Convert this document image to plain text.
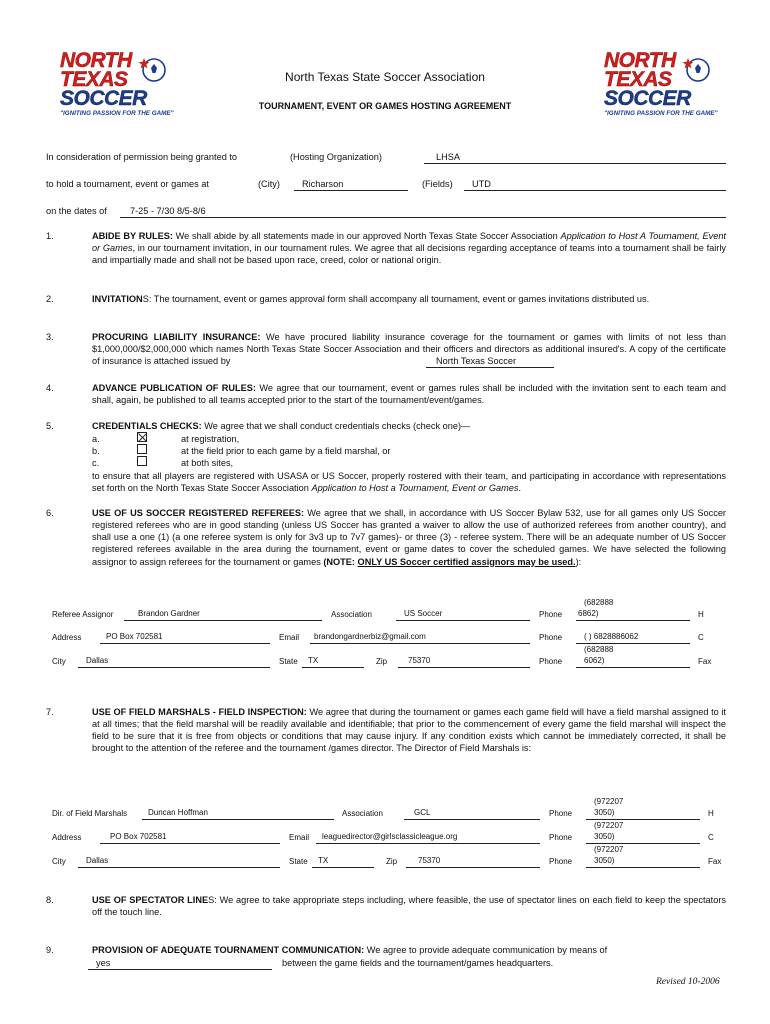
NORTH
TEXAS
SOCCER
"IGNITING PASSION FOR THE GAME"
NORTH
TEXAS
SOCCER
"IGNITING PASSION FOR THE GAME"
North Texas State Soccer Association
TOURNAMENT, EVENT OR GAMES HOSTING AGREEMENT
In consideration of permission being granted to	(Hosting Organization)	LHSA
to hold a tournament, event or games at	(City) Richarson	(Fields) UTD
on the dates of	7-25 - 7/30 8/5-8/6
1.	ABIDE BY RULES: We shall abide by all statements made in our approved North Texas State Soccer Association Application to Host A Tournament, Event or Games, in our tournament invitation, in our tournament rules. We agree that all decisions regarding acceptance of teams into a tournament shall be fairly and impartially made and shall not be based upon race, creed, color or national origin.
2.	INVITATIONS: The tournament, event or games approval form shall accompany all tournament, event or games invitations distributed us.
3.	PROCURING LIABILITY INSURANCE: We have procured liability insurance coverage for the tournament or games with limits of not less than $1,000,000/$2,000,000 which names North Texas State Soccer Association and their officers and directors as additional insured's. A copy of the certificate of insurance is attached issued by	North Texas Soccer
4.	ADVANCE PUBLICATION OF RULES: We agree that our tournament, event or games rules shall be included with the invitation sent to each team and shall, again, be published to all teams accepted prior to the start of the tournament/event/games.
5.	CREDENTIALS CHECKS: We agree that we shall conduct credentials checks (check one)—
a.	at registration,
b.	at the field prior to each game by a field marshal, or
c.	at both sites,
to ensure that all players are registered with USASA or US Soccer, properly rostered with their team, and participating in accordance with representations set forth on the North Texas State Soccer Association Application to Host a Tournament, Event or Games.
6.	USE OF US SOCCER REGISTERED REFEREES: We agree that we shall, in accordance with US Soccer Bylaw 532, use for all games only US Soccer registered referees who are in good standing (unless US Soccer has granted a waiver to allow the use of authorized referees from another country), and shall use a one (1) (a one referee system is only for 3v3 up to 7v7 games)- or three (3) - referee system. There will be an adequate number of US Soccer registered referees available in the area during the tournament, event or game dates to cover the scheduled games. We have selected the following assignor to assign referees for the tournament or games (NOTE: ONLY US Soccer certified assignors may be used.):
Referee Assignor	Brandon Gardner	Association	US Soccer	Phone
(682888
6862)	H
Address	PO Box 702581	Email brandongardnerbiz@gmail.com	Phone	( ) 6828886062	C
City	Dallas	State TX	Zip	75370	Phone
(682888
6062)	Fax
7.	USE OF FIELD MARSHALS - FIELD INSPECTION: We agree that during the tournament or games each game field will have a field marshal assigned to it at all times; that the field marshal will be readily available and identifiable; that prior to the commencement of every game the field marshal will inspect the field to be sure that it is free from objects or conditions that may cause injury. If any condition exists which cannot be immediately corrected, it shall be brought to the attention of the referee and the tournament /games director. The Director of Field Marshals is:
Dir. of Field Marshals	Duncan Hoffman	Association	GCL	Phone
(972207
3050)	H
Address	PO Box 702581	Email leaguedirector@girlsclassicleague.org	Phone
(972207
3050)	C
City	Dallas	State TX	Zip	75370	Phone
(972207
3050)	Fax
8.	USE OF SPECTATOR LINES: We agree to take appropriate steps including, where feasible, the use of spectator lines on each field to keep the spectators off the touch line.
9.	PROVISION OF ADEQUATE TOURNAMENT COMMUNICATION: We agree to provide adequate communication by means of
yes	between the game fields and the tournament/games headquarters.
Revised 10-2006
